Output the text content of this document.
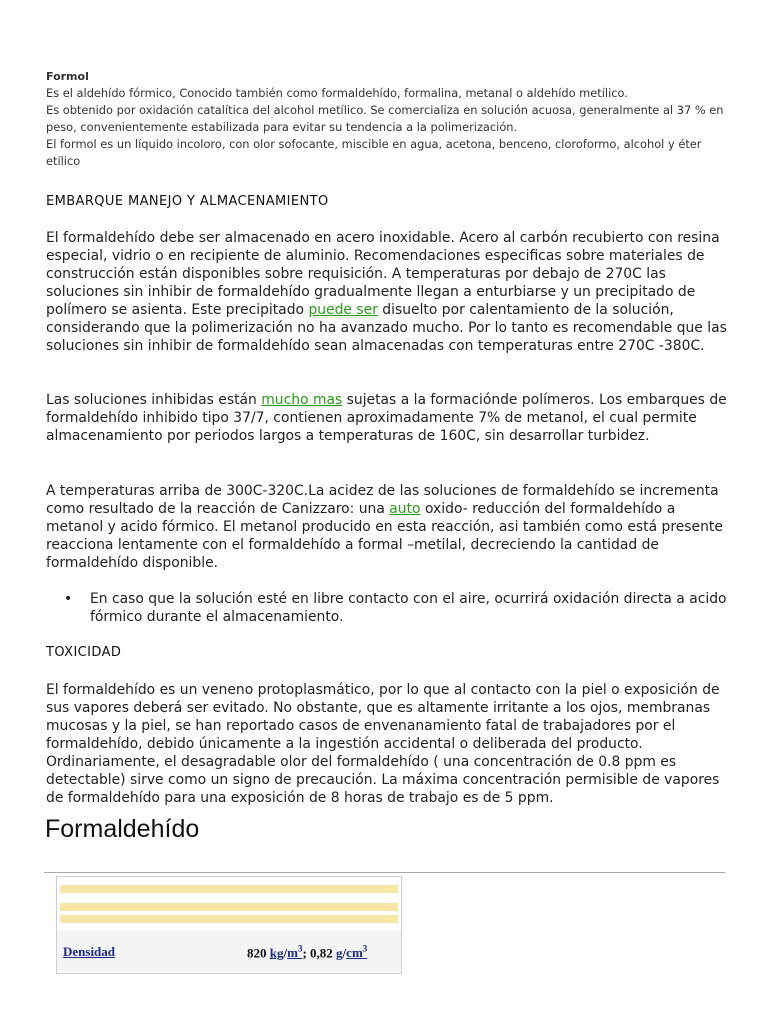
Formol

Es el aldehído fórmico, Conocido también como formaldehído, formalina, metanal o aldehído metílico.

Es obtenido por oxidación catalítica del alcohol metílico. Se comercializa en solución acuosa, generalmente al 37 % en peso, convenientemente estabilizada para evitar su tendencia a la polimerización.

El formol es un líquido incoloro, con olor sofocante, miscible en agua, acetona, benceno, cloroformo, alcohol y éter etílico

EMBARQUE MANEJO Y ALMACENAMIENTO

El formaldehído debe ser almacenado en acero inoxidable. Acero al carbón recubierto con resina especial, vidrio o en recipiente de aluminio. Recomendaciones especificas sobre materiales de construcción están disponibles sobre requisición. A temperaturas por debajo de 270C las soluciones sin inhibir de formaldehído gradualmente llegan a enturbiarse y un precipitado de polímero se asienta. Este precipitado puede ser disuelto por calentamiento de la solución, considerando que la polimerización no ha avanzado mucho. Por lo tanto es recomendable que las soluciones sin inhibir de formaldehído sean almacenadas con temperaturas entre 270C -380C.

Las soluciones inhibidas están mucho mas sujetas a la formaciónde polímeros. Los embarques de formaldehído inhibido tipo 37/7, contienen aproximadamente 7% de metanol, el cual permite almacenamiento por periodos largos a temperaturas de 160C, sin desarrollar turbidez.

A temperaturas arriba de 300C-320C.La acidez de las soluciones de formaldehído se incrementa como resultado de la reacción de Canizzaro: una auto oxido- reducción del formaldehído a metanol y acido fórmico. El metanol producido en esta reacción, asi también como está presente reacciona lentamente con el formaldehído a formal –metilal, decreciendo la cantidad de formaldehído disponible.

• En caso que la solución esté en libre contacto con el aire, ocurrirá oxidación directa a acido fórmico durante el almacenamiento.
TOXICIDAD

El formaldehído es un veneno protoplasmático, por lo que al contacto con la piel o exposición de sus vapores deberá ser evitado. No obstante, que es altamente irritante a los ojos, membranas mucosas y la piel, se han reportado casos de envenanamiento fatal de trabajadores por el formaldehído, debido únicamente a la ingestión accidental o deliberada del producto. Ordinariamente, el desagradable olor del formaldehído ( una concentración de 0.8 ppm es detectable) sirve como un signo de precaución. La máxima concentración permisible de vapores de formaldehído para una exposición de 8 horas de trabajo es de 5 ppm.

Formaldehído
Densidad	820 $kg/m^3$; 0,82 $g/cm^3$
